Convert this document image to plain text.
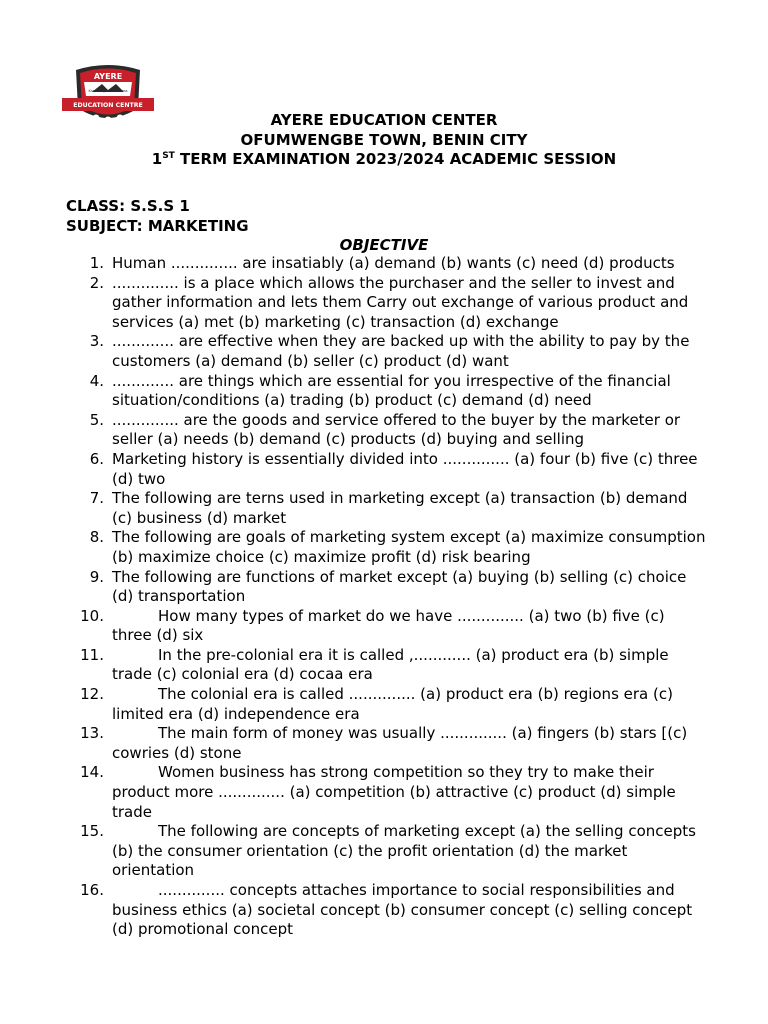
AYERE
Knowledge for Success
EDUCATION CENTRE
AYERE EDUCATION CENTER
OFUMWENGBE TOWN, BENIN CITY
1ST TERM EXAMINATION 2023/2024 ACADEMIC SESSION
CLASS: S.S.S 1
SUBJECT: MARKETING
OBJECTIVE
1. Human .............. are insatiably (a) demand (b) wants (c) need (d) products
2. .............. is a place which allows the purchaser and the seller to invest and gather information and lets them Carry out exchange of various product and services (a) met (b) marketing (c) transaction (d) exchange
3. ............. are effective when they are backed up with the ability to pay by the customers (a) demand (b) seller (c) product (d) want
4. ............. are things which are essential for you irrespective of the financial situation/conditions (a) trading (b) product (c) demand (d) need
5. .............. are the goods and service offered to the buyer by the marketer or seller (a) needs (b) demand (c) products (d) buying and selling
6. Marketing history is essentially divided into .............. (a) four (b) five (c) three (d) two
7. The following are terns used in marketing except (a) transaction (b) demand (c) business (d) market
8. The following are goals of marketing system except (a) maximize consumption (b) maximize choice (c) maximize profit (d) risk bearing
9. The following are functions of market except (a) buying (b) selling (c) choice (d) transportation
10.	How many types of market do we have .............. (a) two (b) five (c) three (d) six
11.	In the pre-colonial era it is called ,............ (a) product era (b) simple trade (c) colonial era (d) cocaa era
12.	The colonial era is called .............. (a) product era (b) regions era (c) limited era (d) independence era
13.	The main form of money was usually .............. (a) fingers (b) stars [(c) cowries (d) stone
14.	Women business has strong competition so they try to make their product more .............. (a) competition (b) attractive (c) product (d) simple trade
15.	The following are concepts of marketing except (a) the selling concepts (b) the consumer orientation (c) the profit orientation (d) the market orientation
16.	.............. concepts attaches importance to social responsibilities and business ethics (a) societal concept (b) consumer concept (c) selling concept (d) promotional concept
